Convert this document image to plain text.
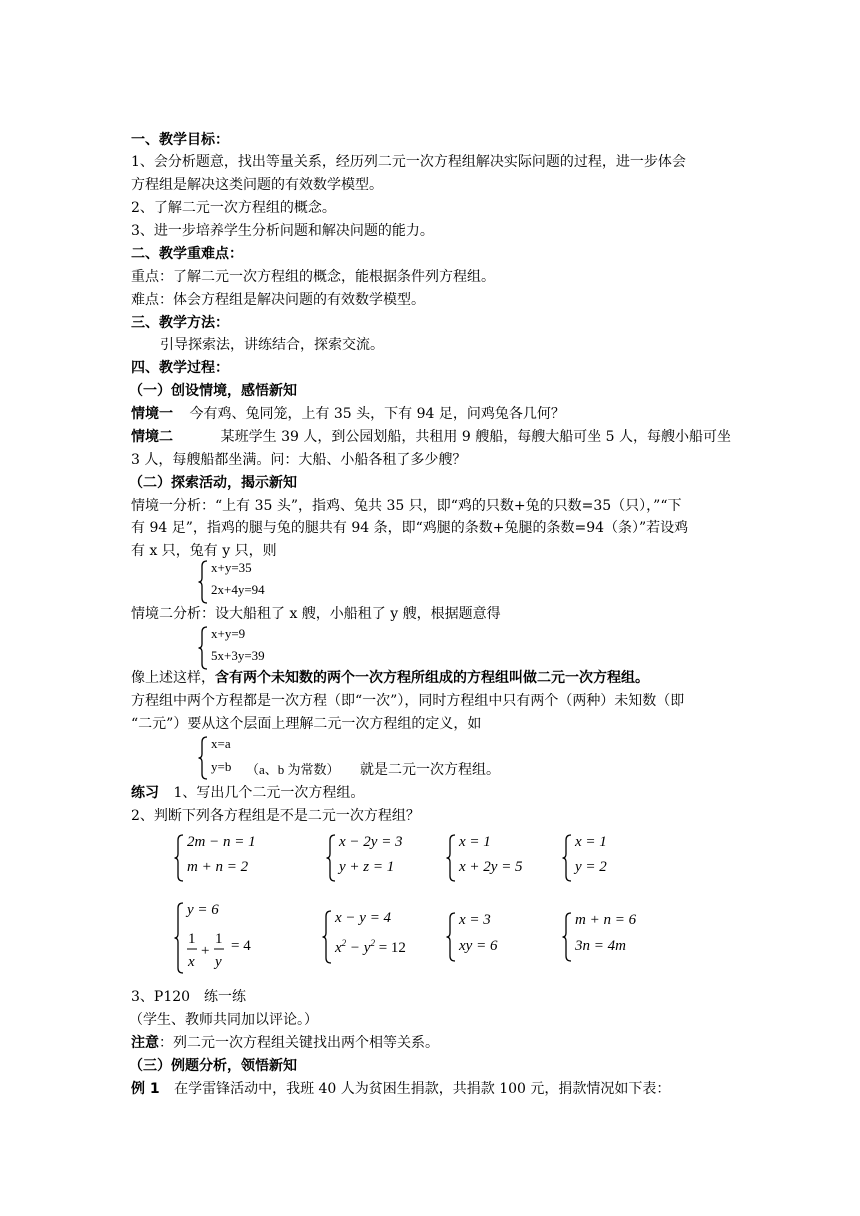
一、教学目标：
1、会分析题意，找出等量关系，经历列二元一次方程组解决实际问题的过程，进一步体会
方程组是解决这类问题的有效数学模型。
2、了解二元一次方程组的概念。
3、进一步培养学生分析问题和解决问题的能力。
二、教学重难点：
重点：了解二元一次方程组的概念，能根据条件列方程组。
难点：体会方程组是解决问题的有效数学模型。
三、教学方法：
引导探索法，讲练结合，探索交流。
四、教学过程：
（一）创设情境，感悟新知
情境一 今有鸡、兔同笼，上有 35 头，下有 94 足，问鸡兔各几何？
情境二	某班学生 39 人，到公园划船，共租用 9 艘船，每艘大船可坐 5 人，每艘小船可坐
3 人，每艘船都坐满。问：大船、小船各租了多少艘？
（二）探索活动，揭示新知
情境一分析：“上有 35 头”，指鸡、兔共 35 只，即“鸡的只数+兔的只数=35（只），”“下
有 94 足”，指鸡的腿与兔的腿共有 94 条，即“鸡腿的条数+兔腿的条数=94（条）”若设鸡
有 x 只，兔有 y 只，则
x+y=35
2x+4y=94
情境二分析：设大船租了 x 艘，小船租了 y 艘，根据题意得
x+y=9
5x+3y=39
像上述这样，含有两个未知数的两个一次方程所组成的方程组叫做二元一次方程组。
方程组中两个方程都是一次方程（即“一次”），同时方程组中只有两个（两种）未知数（即
“二元”）要从这个层面上理解二元一次方程组的定义，如
x=a
y=b （a、b 为常数） 就是二元一次方程组。
练习 1、写出几个二元一次方程组。
2、判断下列各方程组是不是二元一次方程组？
2m − n = 1
m + n = 2
x − 2y = 3
y + z = 1
x = 1
x + 2y = 5
x = 1
y = 2
y = 6
1
x
+
1
y
= 4
x − y = 4
$x^2 - y^2 = 12$
x = 3
xy = 6
m + n = 6
3n = 4m
3、P120　练一练
（学生、教师共同加以评论。）
注意：列二元一次方程组关键找出两个相等关系。
（三）例题分析，领悟新知
例 1 在学雷锋活动中，我班 40 人为贫困生捐款，共捐款 100 元，捐款情况如下表：
